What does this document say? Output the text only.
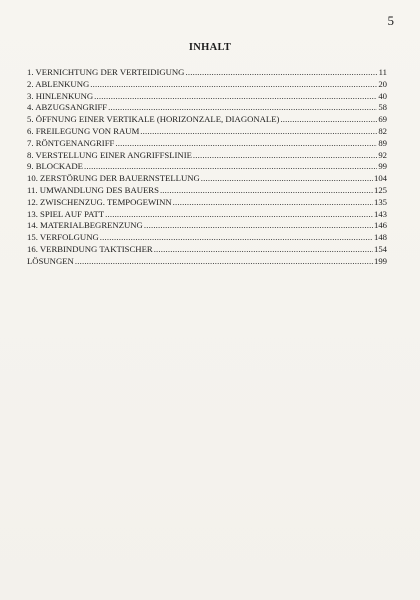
5
INHALT
1. VERNICHTUNG DER VERTEIDIGUNG .....	11
2. ABLENKUNG .....	20
3. HINLENKUNG .....	40
4. ABZUGSANGRIFF .....	58
5. ÖFFNUNG EINER VERTIKALE (HORIZONZALE, DIAGONALE) .....	69
6. FREILEGUNG VON RAUM .....	82
7. RÖNTGENANGRIFF .....	89
8. VERSTELLUNG EINER ANGRIFFSLINIE .....	92
9. BLOCKADE .....	99
10. ZERSTÖRUNG DER BAUERNSTELLUNG .....	104
11. UMWANDLUNG DES BAUERS .....	125
12. ZWISCHENZUG. TEMPOGEWINN .....	135
13. SPIEL AUF PATT .....	143
14. MATERIALBEGRENZUNG .....	146
15. VERFOLGUNG .....	148
16. VERBINDUNG TAKTISCHER .....	154
LÖSUNGEN .....	199
